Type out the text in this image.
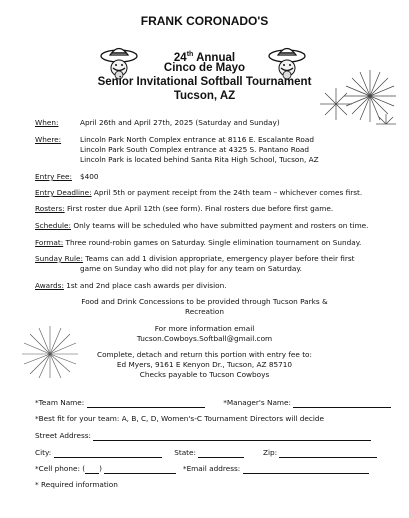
FRANK CORONADO'S
24th Annual
Cinco de Mayo
Senior Invitational Softball Tournament
Tucson, AZ
When:	April 26th and April 27th, 2025 (Saturday and Sunday)
Where:	Lincoln Park North Complex entrance at 8116 E. Escalante Road
Lincoln Park South Complex entrance at 4325 S. Pantano Road
Lincoln Park is located behind Santa Rita High School, Tucson, AZ
Entry Fee: $400
Entry Deadline: April 5th or payment receipt from the 24th team – whichever comes first.
Rosters: First roster due April 12th (see form). Final rosters due before first game.
Schedule: Only teams will be scheduled who have submitted payment and rosters on time.
Format: Three round-robin games on Saturday. Single elimination tournament on Sunday.
Sunday Rule: Teams can add 1 division appropriate, emergency player before their first
game on Sunday who did not play for any team on Saturday.
Awards: 1st and 2nd place cash awards per division.
Food and Drink Concessions to be provided through Tucson Parks &
Recreation
For more information email
Tucson.Cowboys.Softball@gmail.com
Complete, detach and return this portion with entry fee to:
Ed Myers, 9161 E Kenyon Dr., Tucson, AZ 85710
Checks payable to Tucson Cowboys
*Team Name:	*Manager's Name:
*Best fit for your team: A, B, C, D, Women's-C Tournament Directors will decide
Street Address:
City:	State:	Zip:
*Cell phone: ( )	*Email address:
* Required information
